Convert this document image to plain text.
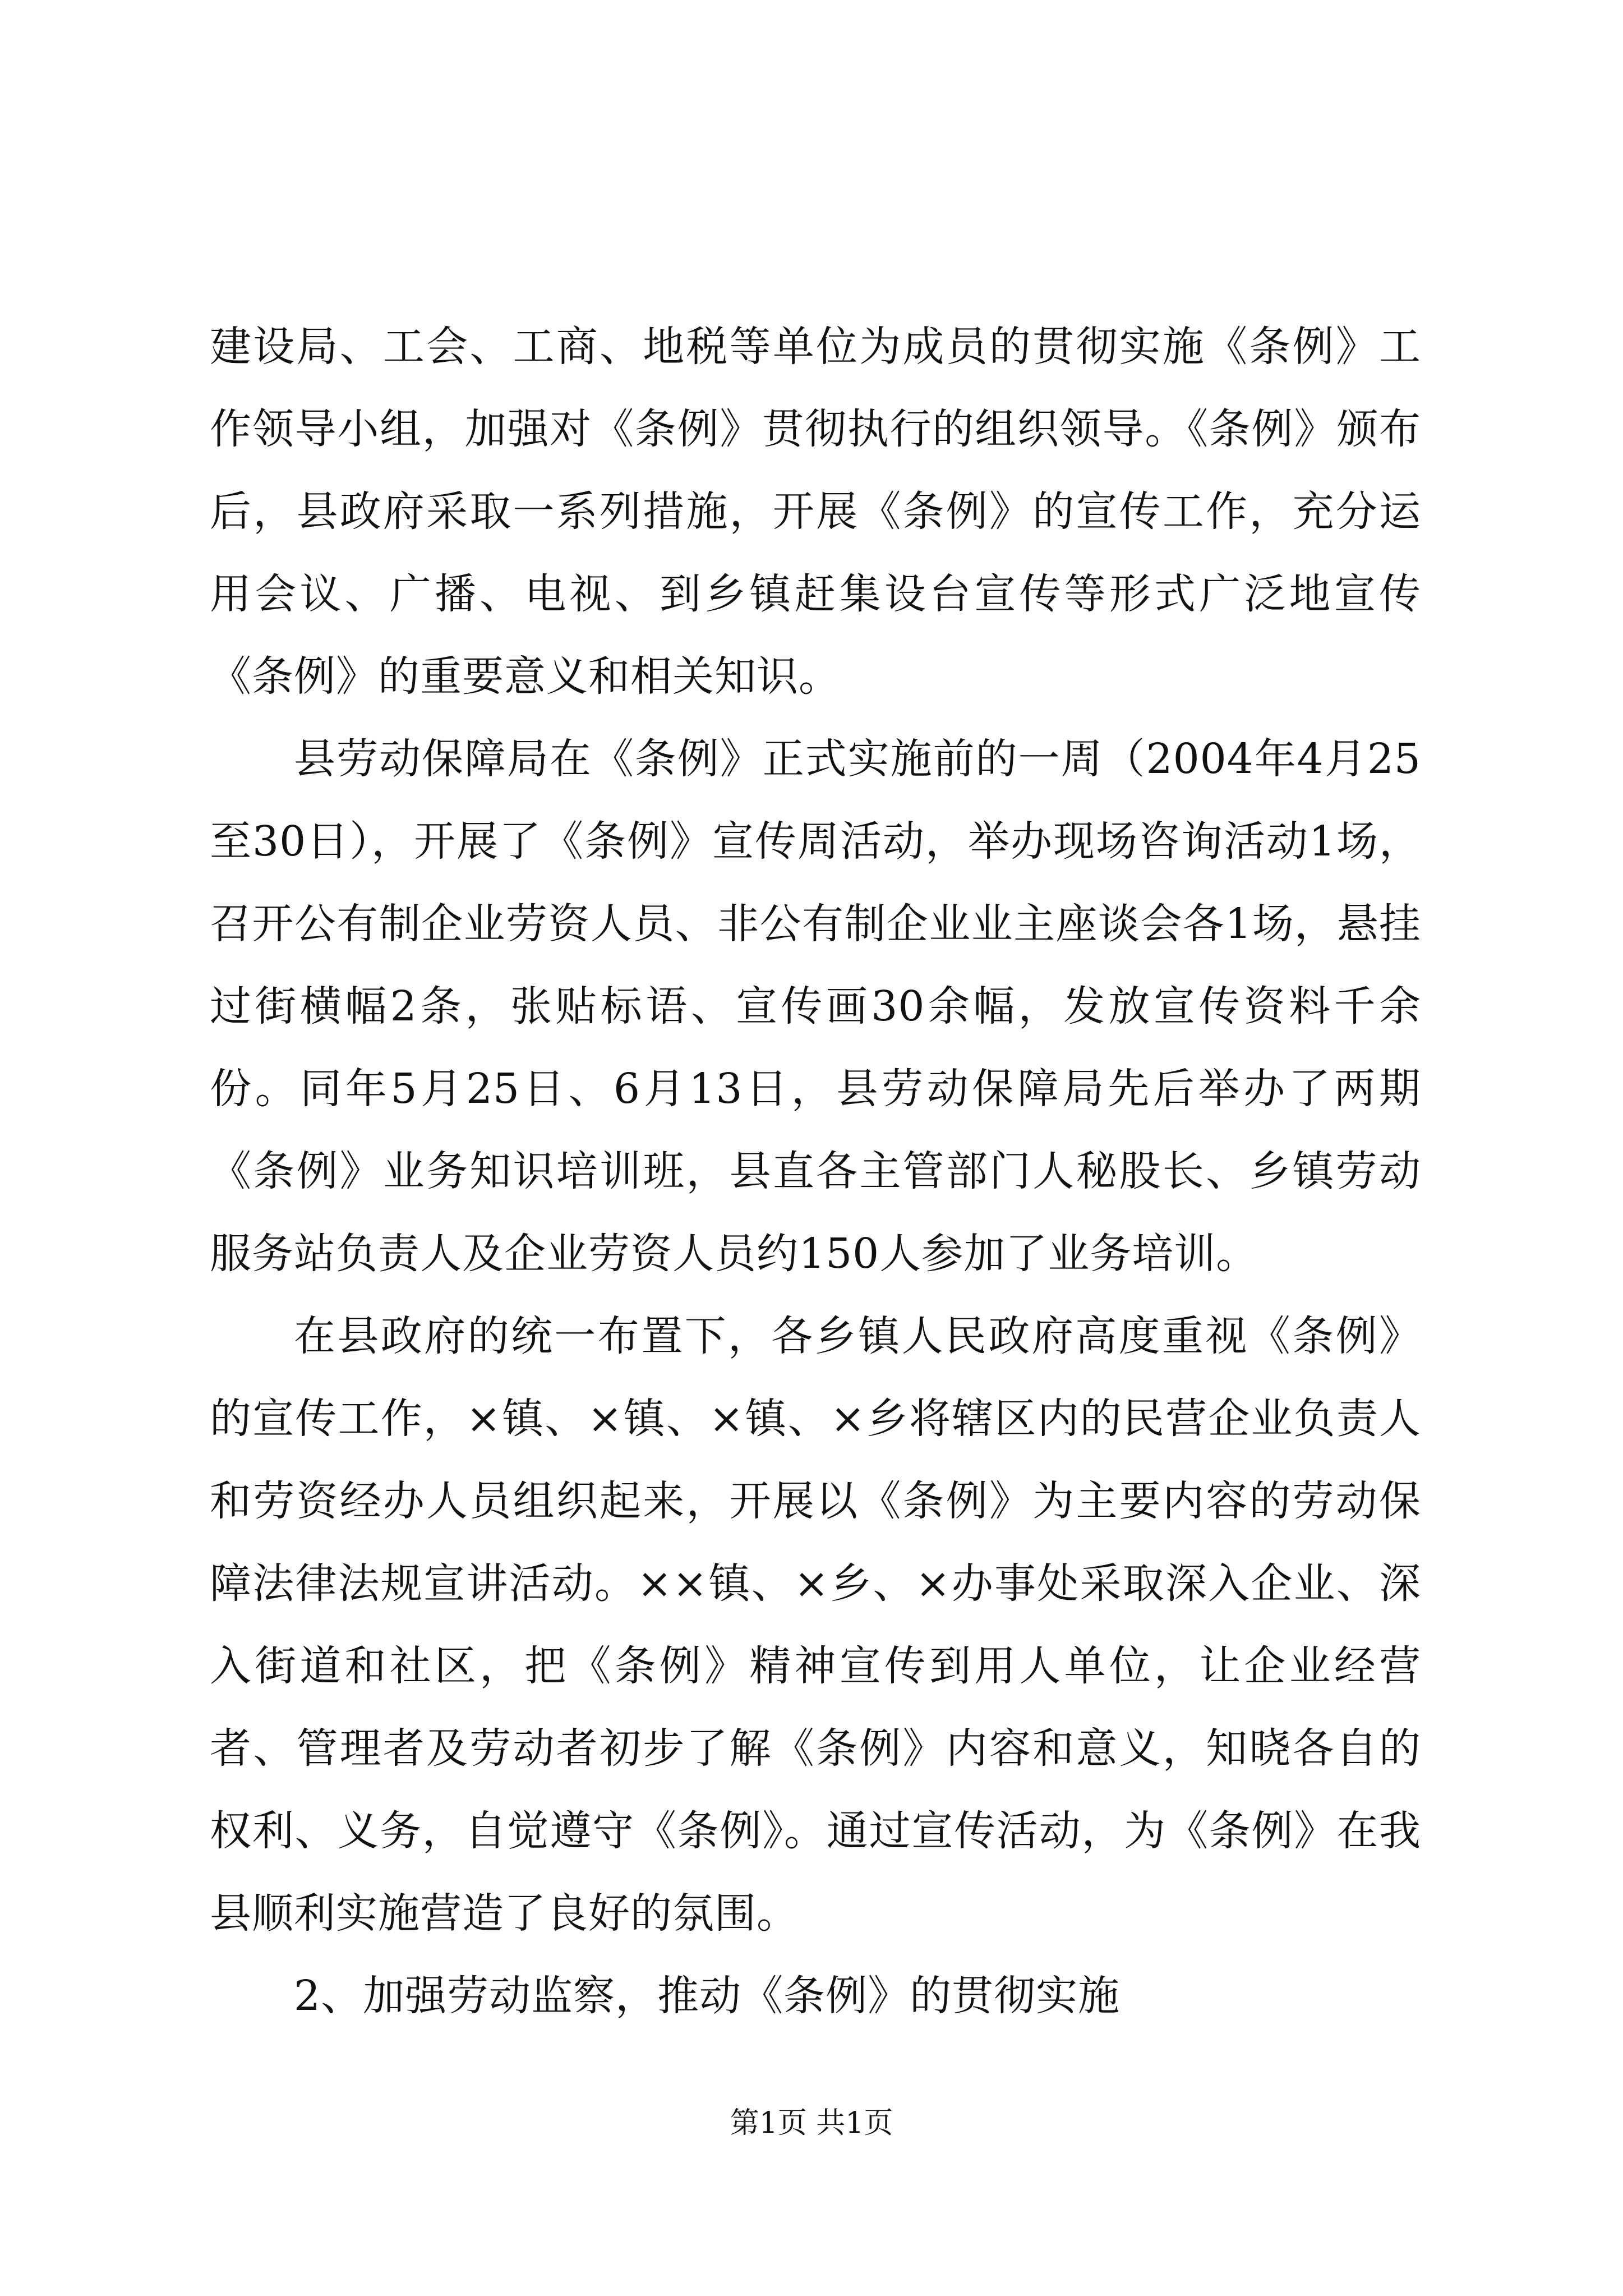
建设局、工会、工商、地税等单位为成员的贯彻实施《条例》工作领导小组，加强对《条例》贯彻执行的组织领导。《条例》颁布后，县政府采取一系列措施，开展《条例》的宣传工作，充分运用会议、广播、电视、到乡镇赶集设台宣传等形式广泛地宣传《条例》的重要意义和相关知识。

县劳动保障局在《条例》正式实施前的一周（2004年4月25至30日），开展了《条例》宣传周活动，举办现场咨询活动1场，召开公有制企业劳资人员、非公有制企业业主座谈会各1场，悬挂过街横幅2条，张贴标语、宣传画30余幅，发放宣传资料千余份。同年5月25日、6月13日，县劳动保障局先后举办了两期《条例》业务知识培训班，县直各主管部门人秘股长、乡镇劳动服务站负责人及企业劳资人员约150人参加了业务培训。

在县政府的统一布置下，各乡镇人民政府高度重视《条例》的宣传工作，×镇、×镇、×镇、×乡将辖区内的民营企业负责人和劳资经办人员组织起来，开展以《条例》为主要内容的劳动保障法律法规宣讲活动。××镇、×乡、×办事处采取深入企业、深入街道和社区，把《条例》精神宣传到用人单位，让企业经营者、管理者及劳动者初步了解《条例》内容和意义，知晓各自的权利、义务，自觉遵守《条例》。通过宣传活动，为《条例》在我县顺利实施营造了良好的氛围。

2、加强劳动监察，推动《条例》的贯彻实施

第1页 共1页
